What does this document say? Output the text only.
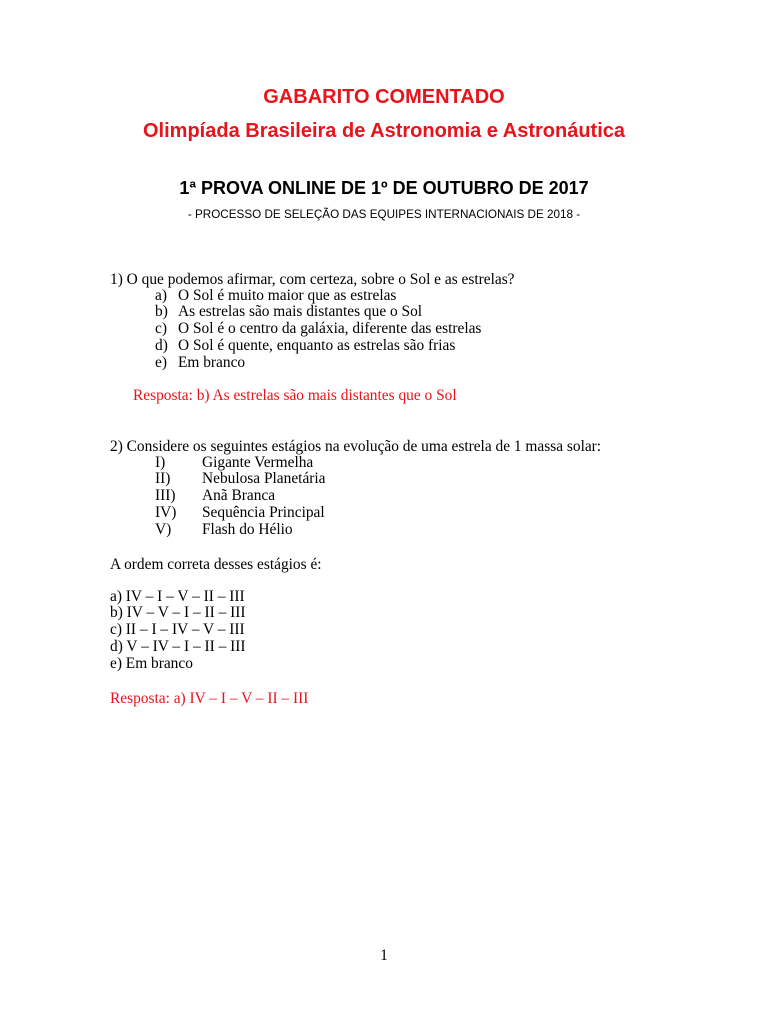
GABARITO COMENTADO
Olimpíada Brasileira de Astronomia e Astronáutica
1ª PROVA ONLINE DE 1º DE OUTUBRO DE 2017
- PROCESSO DE SELEÇÃO DAS EQUIPES INTERNACIONAIS DE 2018 -
1) O que podemos afirmar, com certeza, sobre o Sol e as estrelas?
a) O Sol é muito maior que as estrelas
b) As estrelas são mais distantes que o Sol
c) O Sol é o centro da galáxia, diferente das estrelas
d) O Sol é quente, enquanto as estrelas são frias
e) Em branco
Resposta: b) As estrelas são mais distantes que o Sol
2) Considere os seguintes estágios na evolução de uma estrela de 1 massa solar:
I) Gigante Vermelha
II) Nebulosa Planetária
III) Anã Branca
IV) Sequência Principal
V) Flash do Hélio
A ordem correta desses estágios é:
a) IV – I – V – II – III
b) IV – V – I – II – III
c) II – I – IV – V – III
d) V – IV – I – II – III
e) Em branco
Resposta: a) IV – I – V – II – III
1
